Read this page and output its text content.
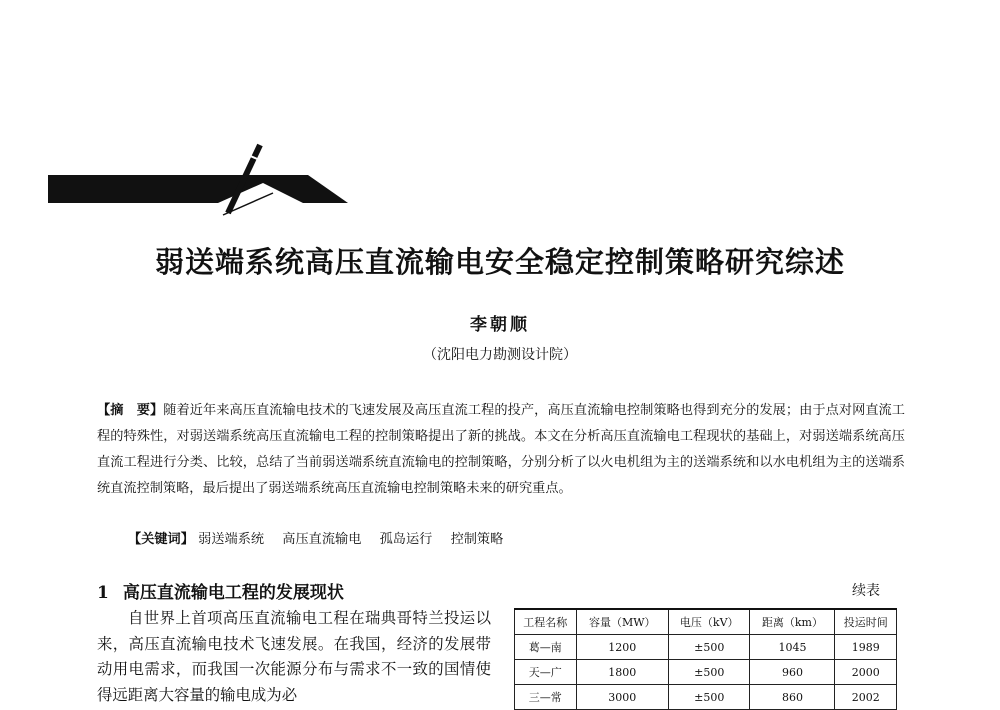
弱送端系统高压直流输电安全稳定控制策略研究综述
李朝顺
（沈阳电力勘测设计院）

【摘　要】随着近年来高压直流输电技术的飞速发展及高压直流工程的投产，高压直流输电控制策略也得到充分的发展；由于点对网直流工程的特殊性，对弱送端系统高压直流输电工程的控制策略提出了新的挑战。本文在分析高压直流输电工程现状的基础上，对弱送端系统高压直流工程进行分类、比较，总结了当前弱送端系统直流输电的控制策略，分别分析了以火电机组为主的送端系统和以水电机组为主的送端系统直流控制策略，最后提出了弱送端系统高压直流输电控制策略未来的研究重点。

【关键词】 弱送端系统 高压直流输电 孤岛运行 控制策略
1 高压直流输电工程的发展现状

自世界上首项高压直流输电工程在瑞典哥特兰投运以来，高压直流输电技术飞速发展。在我国，经济的发展带动用电需求，而我国一次能源分布与需求不一致的国情使得远距离大容量的输电成为必

续表
工程名称	容量（MW）	电压（kV）	距离（km）	投运时间
葛—南	1200	±500	1045	1989
天—广	1800	±500	960	2000
三—常	3000	±500	860	2002
